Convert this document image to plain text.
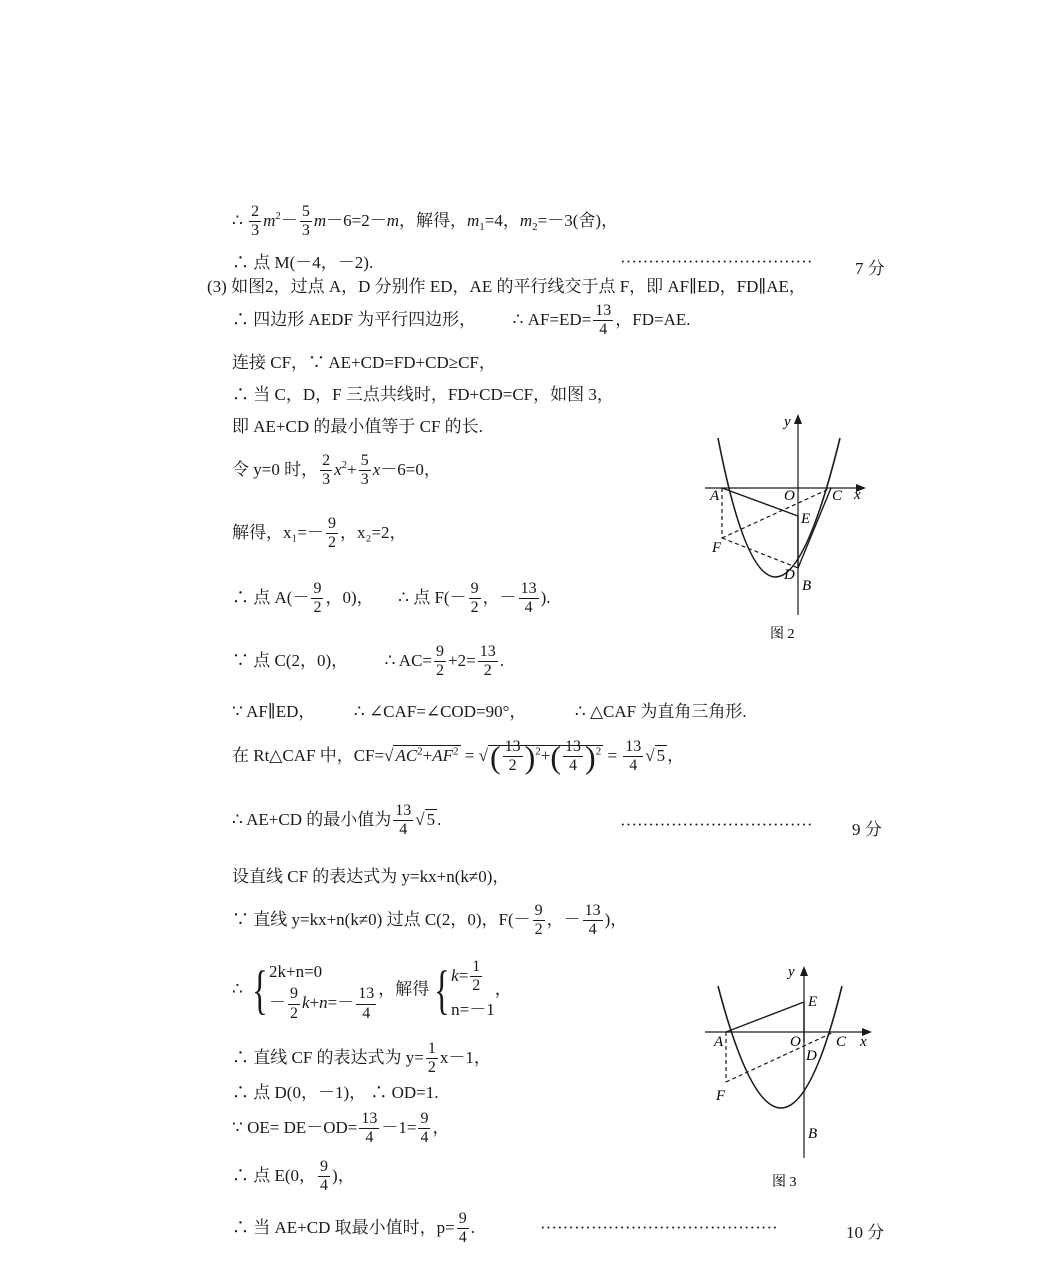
∴ $\frac{2}{3} m^2- \frac{5}{3} m-6=2-m$，解得，$m_1=4$，$m_2=-3$(舍)，
∴ 点 M(－4，－2).	··································	7 分
(3) 如图2，过点 A，D 分别作 ED，AE 的平行线交于点 F，即 AF∥ED，FD∥AE，
∴ 四边形 AEDF 为平行四边形， ∴ $AF=ED= \frac{13}{4}$ ，FD=AE.
连接 CF，∵ AE+CD=FD+CD≥CF，
∴ 当 C，D，F 三点共线时，FD+CD=CF，如图 3，
即 AE+CD 的最小值等于 CF 的长.
令 y=0 时， $\frac{2}{3} x^2+ \frac{5}{3} x-6=0$，
解得，$x_1=- \frac{9}{2}$ ，x₂=2，
∴ 点 $A(- \frac{9}{2}$ ，0)， ∴ 点 $F(- \frac{9}{2}$ ，－ $\frac{13}{4}$ ).
∵ 点 C(2，0)， ∴ $AC= \frac{9}{2} +2= \frac{13}{2}$ .
∵ AF∥ED， ∴ ∠CAF=∠COD=90°，	∴ △CAF 为直角三角形.
在 Rt△CAF 中，CF=√ $AC^2+AF^2$ = √( $\frac{13}{2} )^2+( \frac{13}{4} )^2 = \frac{13}{4}$ √ 5 ，
∴ AE+CD 的最小值为 $\frac{13}{4}$ √ 5 .	·································· 9 分
设直线 CF 的表达式为 y=kx+n(k≠0)，
∵ 直线 y=kx+n(k≠0) 过点 C(2，0)，$F(- \frac{9}{2}$ ，－ $\frac{13}{4}$ )，
∴ { 2k+n=0
－ $\frac{9}{2} k+n=- \frac{13}{4}$ ，解得{ $k= \frac{1}{2}$
n=－1
，
∴ 直线 CF 的表达式为 $y= \frac{1}{2} x-1$，
∴ 点 D(0，－1)， ∴ OD=1.
∵ $OE= DE-OD= \frac{13}{4} -1= \frac{9}{4}$ ，
∴ 点 E(0， $\frac{9}{4}$ )，
∴ 当 AE+CD 取最小值时，$p= \frac{9}{4}$ .	··········································	10 分
y
x
A	O C
E
F
D
B
图 2
y
x
E
A	O C
D
F
B
图 3
